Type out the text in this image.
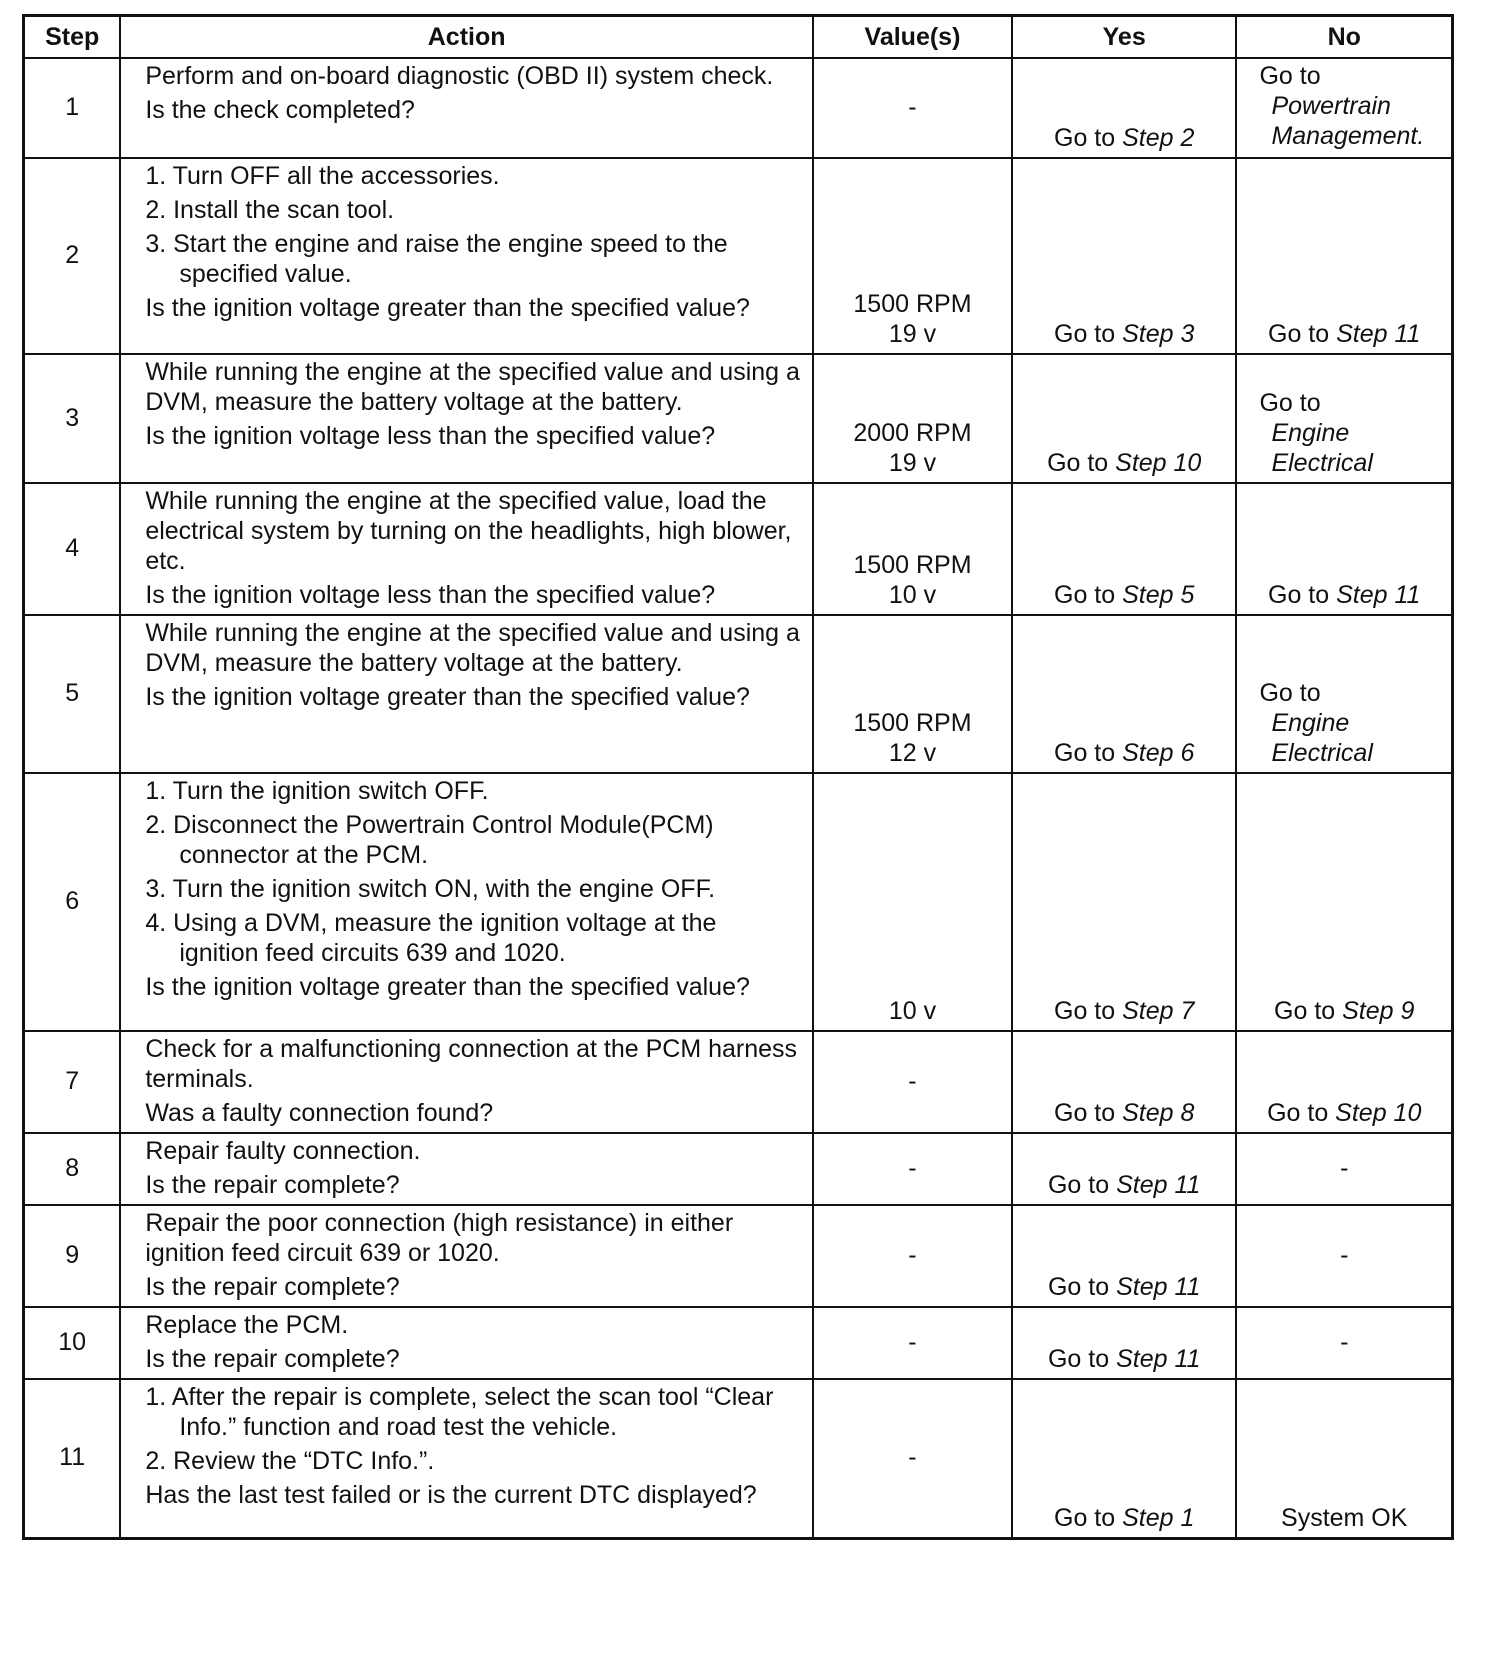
Step	Action	Value(s)	Yes	No
1	Perform and on-board diagnostic (OBD II) system check.
Is the check completed?	-	Go to Step 2	Go to
Powertrain
Management.

2	1. Turn OFF all the accessories.
2. Install the scan tool.
3. Start the engine and raise the engine speed to the specified value.
Is the ignition voltage greater than the specified value?	1500 RPM
19 v	Go to Step 3	Go to Step 11

3	While running the engine at the specified value and using a DVM, measure the battery voltage at the battery.
Is the ignition voltage less than the specified value?	2000 RPM
19 v	Go to Step 10	Go to
Engine
Electrical

4	While running the engine at the specified value, load the electrical system by turning on the headlights, high blower, etc.
Is the ignition voltage less than the specified value?	1500 RPM
10 v	Go to Step 5	Go to Step 11

5	While running the engine at the specified value and using a DVM, measure the battery voltage at the battery.
Is the ignition voltage greater than the specified value?	1500 RPM
12 v	Go to Step 6	Go to
Engine
Electrical

6	1. Turn the ignition switch OFF.
2. Disconnect the Powertrain Control Module(PCM) connector at the PCM.
3. Turn the ignition switch ON, with the engine OFF.
4. Using a DVM, measure the ignition voltage at the ignition feed circuits 639 and 1020.
Is the ignition voltage greater than the specified value?	10 v	Go to Step 7	Go to Step 9

7	Check for a malfunctioning connection at the PCM harness terminals.
Was a faulty connection found?	-	Go to Step 8	Go to Step 10

8	Repair faulty connection.
Is the repair complete?	-	Go to Step 11	-
9	Repair the poor connection (high resistance) in either ignition feed circuit 639 or 1020.
Is the repair complete?	-	Go to Step 11	-
10	Replace the PCM.
Is the repair complete?	-	Go to Step 11	-
11	1. After the repair is complete, select the scan tool “Clear Info.” function and road test the vehicle.
2. Review the “DTC Info.”.
Has the last test failed or is the current DTC displayed?	-	Go to Step 1	System OK
